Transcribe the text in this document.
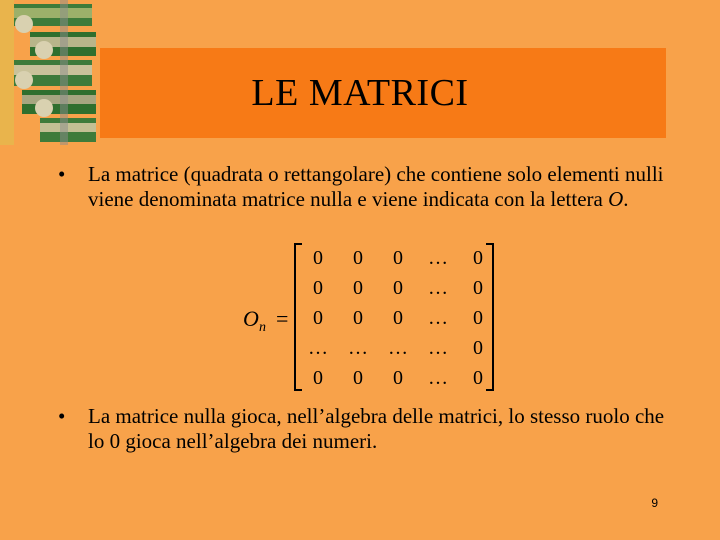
LE MATRICI
•	La matrice (quadrata o rettangolare) che contiene solo elementi nulli viene denominata matrice nulla e viene indicata con la lettera O.
O n =
0 0 0 … 0
0 0 0 … 0
0 0 0 … 0
… … … … 0
0 0 0 … 0
•	La matrice nulla gioca, nell’algebra delle matrici, lo stesso ruolo che lo 0 gioca nell’algebra dei numeri.
9
